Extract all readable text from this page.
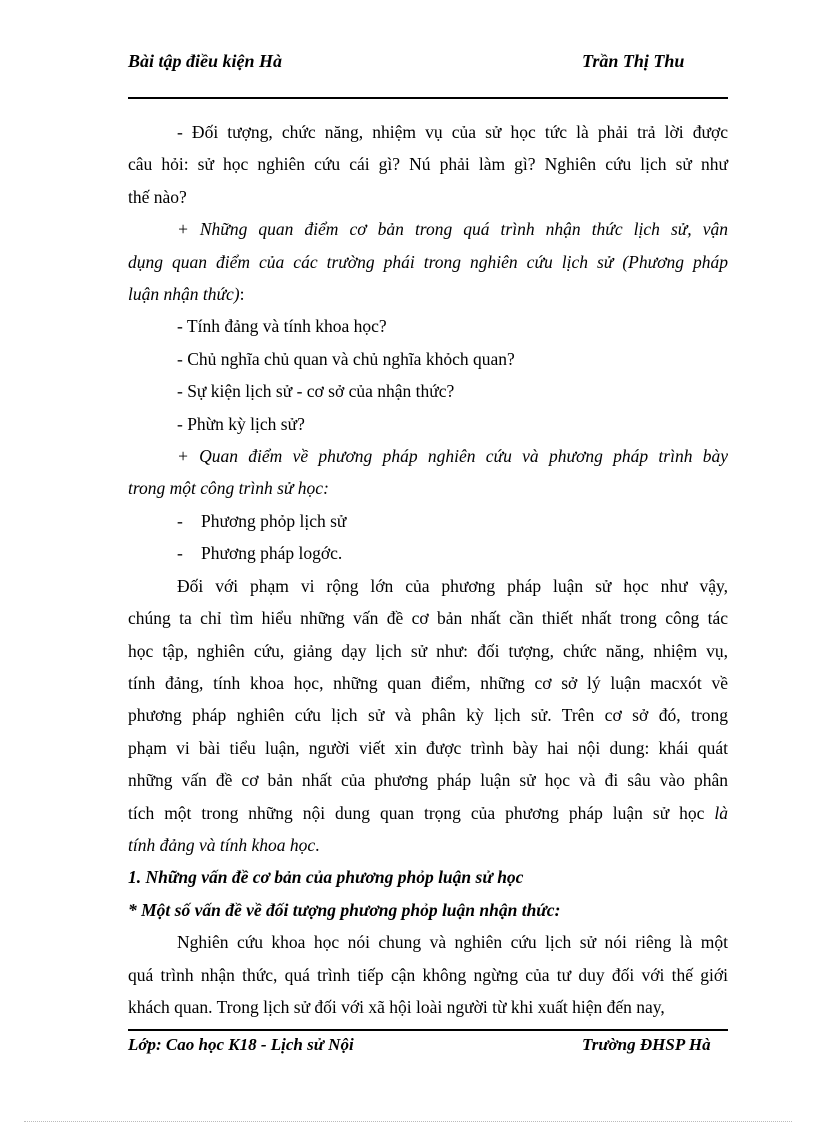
Bài tập điều kiện Hà	Trần Thị Thu

- Đối tượng, chức năng, nhiệm vụ của sử học tức là phải trả lời được

câu hỏi: sử học nghiên cứu cái gì? Nú phải làm gì? Nghiên cứu lịch sử như

thế nào?

+ Những quan điểm cơ bản trong quá trình nhận thức lịch sử, vận

dụng quan điểm của các trường phái trong nghiên cứu lịch sử (Phương pháp

luận nhận thức):

- Tính đảng và tính khoa học?

- Chủ nghĩa chủ quan và chủ nghĩa khỏch quan?

- Sự kiện lịch sử - cơ sở của nhận thức?

- Phừn kỳ lịch sử?

+ Quan điểm về phương pháp nghiên cứu và phương pháp trình bày

trong một công trình sử học:

- Phương phỏp lịch sử

- Phương pháp logớc.

Đối với phạm vi rộng lớn của phương pháp luận sử học như vậy,

chúng ta chỉ tìm hiểu những vấn đề cơ bản nhất cần thiết nhất trong công tác

học tập, nghiên cứu, giảng dạy lịch sử như: đối tượng, chức năng, nhiệm vụ,

tính đảng, tính khoa học, những quan điểm, những cơ sở lý luận macxót về

phương pháp nghiên cứu lịch sử và phân kỳ lịch sử. Trên cơ sở đó, trong

phạm vi bài tiểu luận, người viết xin được trình bày hai nội dung: khái quát

những vấn đề cơ bản nhất của phương pháp luận sử học và đi sâu vào phân

tích một trong những nội dung quan trọng của phương pháp luận sử học là

tính đảng và tính khoa học.

1. Những vấn đề cơ bản của phương phỏp luận sử học

* Một số vấn đề về đối tượng phương phỏp luận nhận thức:

Nghiên cứu khoa học nói chung và nghiên cứu lịch sử nói riêng là một

quá trình nhận thức, quá trình tiếp cận không ngừng của tư duy đối với thế giới

khách quan. Trong lịch sử đối với xã hội loài người từ khi xuất hiện đến nay,

Lớp: Cao học K18 - Lịch sử Nội	Trường ĐHSP Hà
